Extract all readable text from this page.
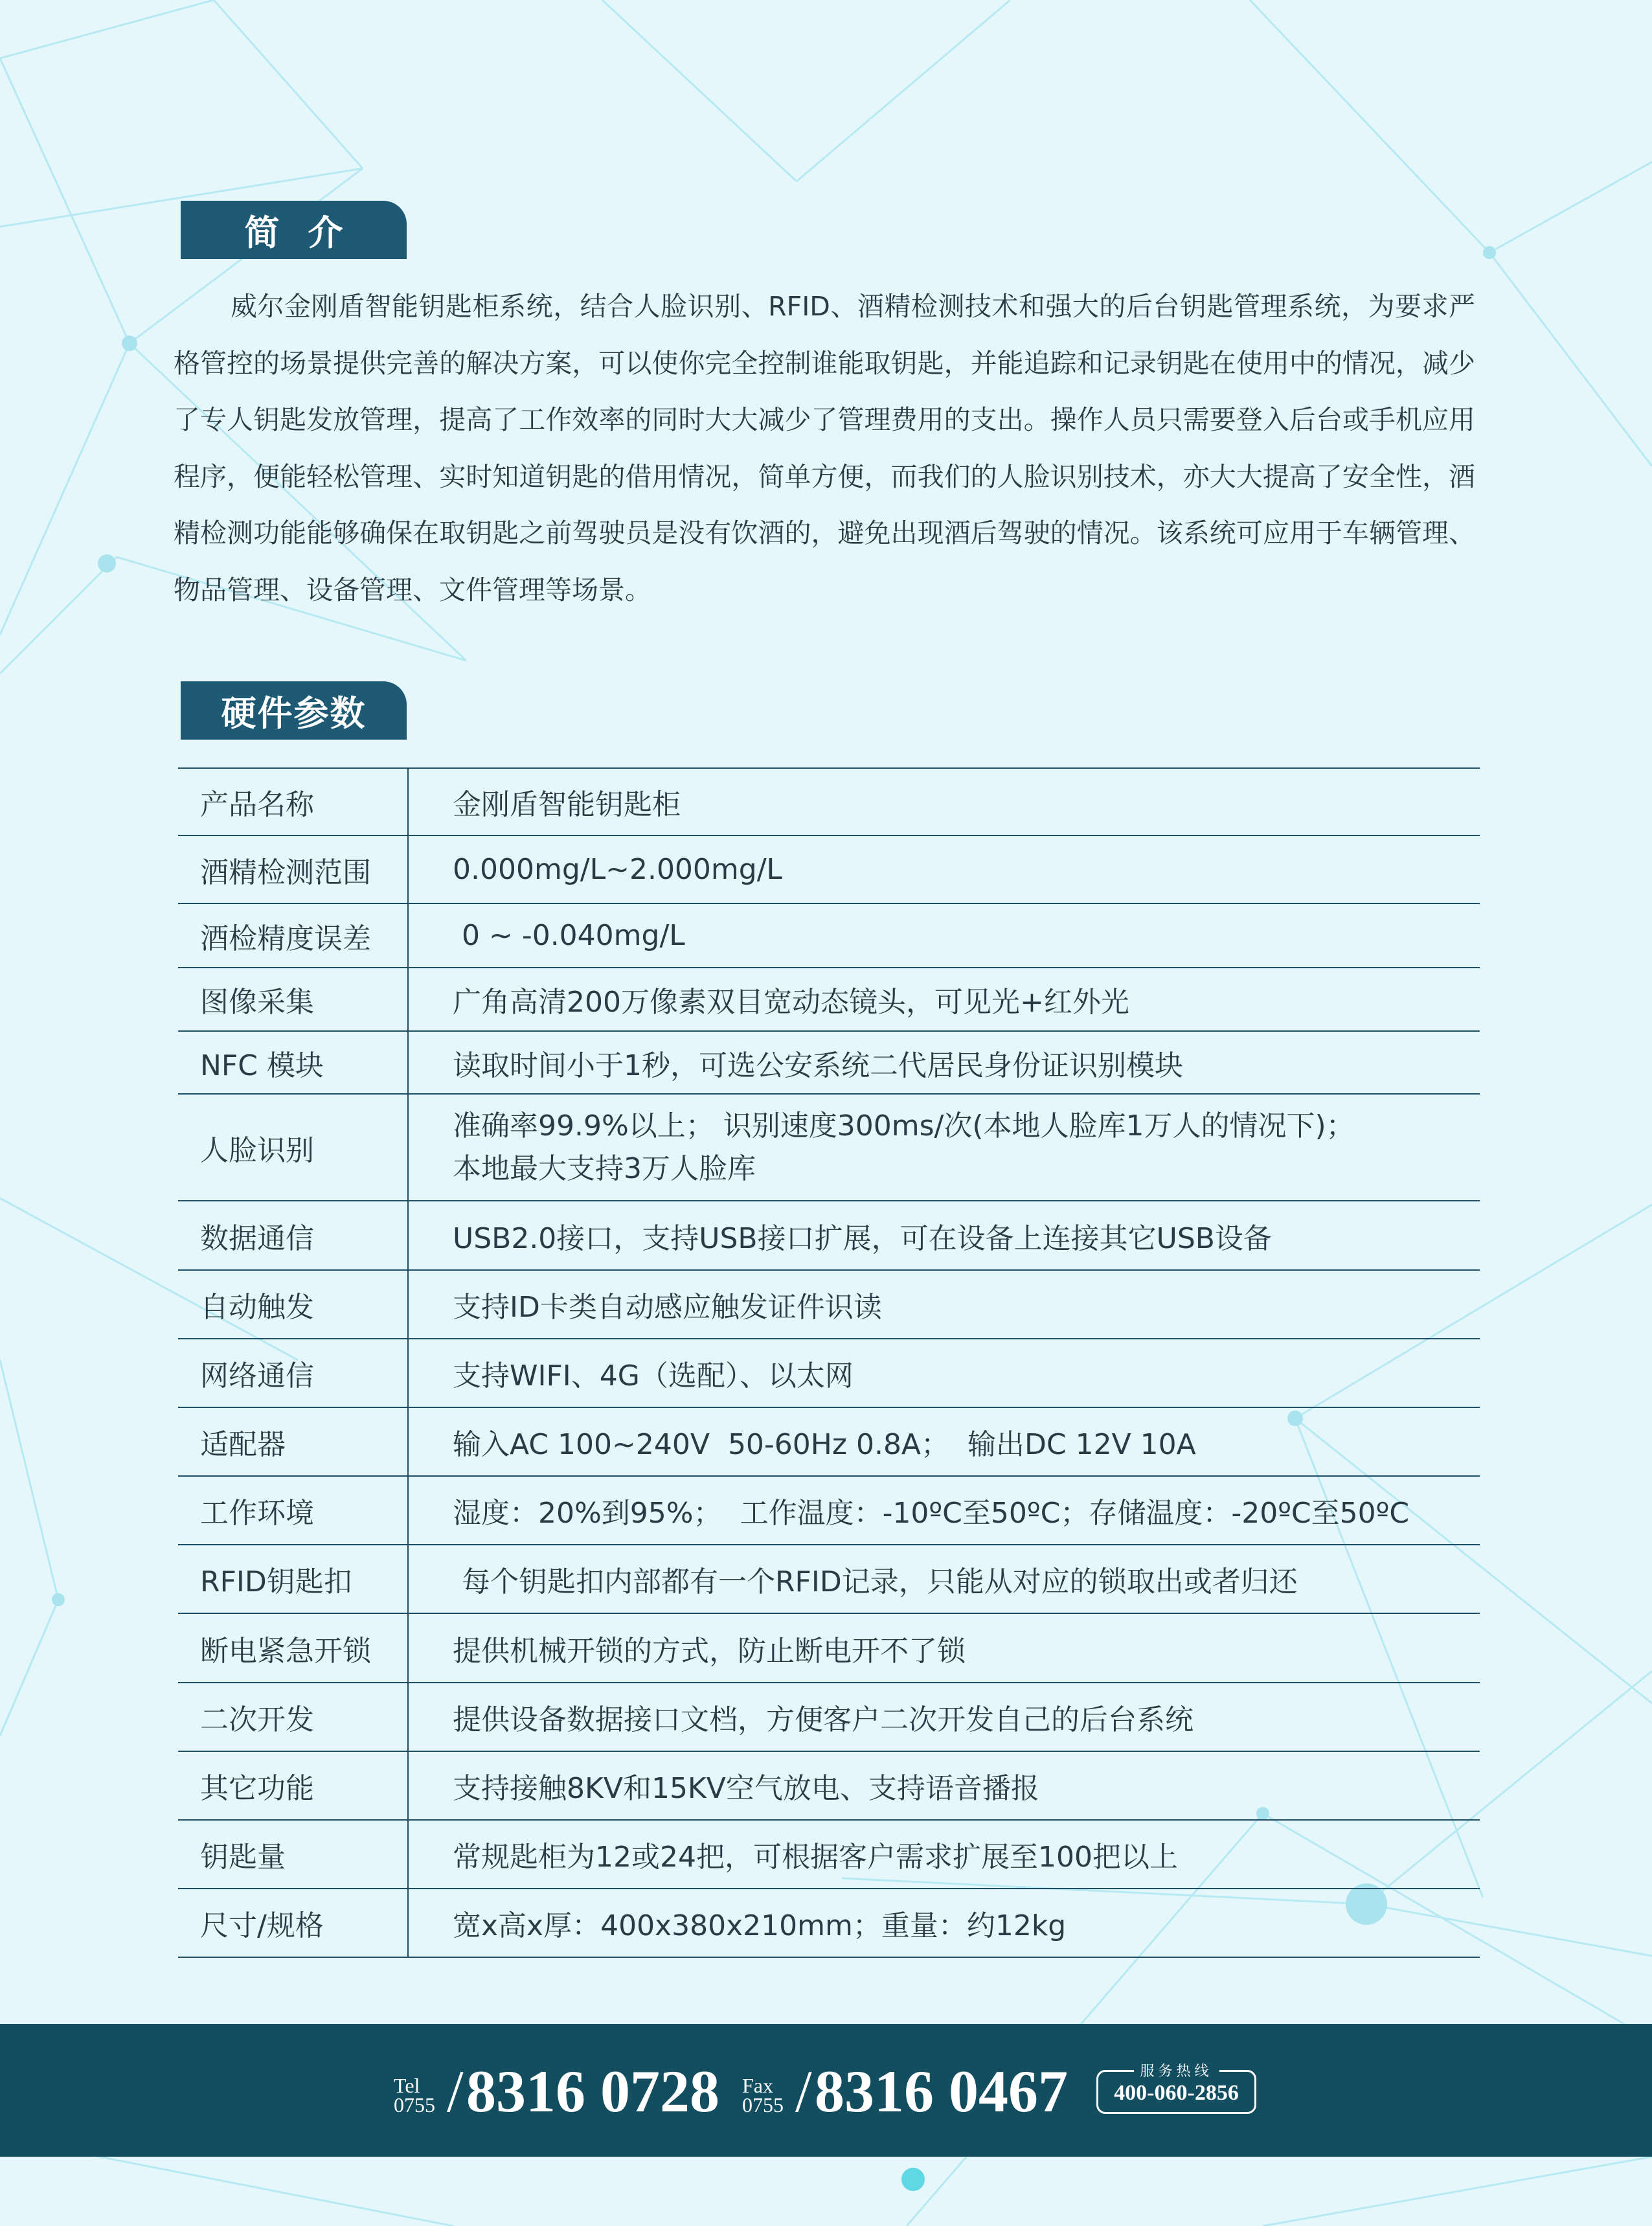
简介

威尔金刚盾智能钥匙柜系统，结合人脸识别、RFID、酒精检测技术和强大的后台钥匙管理系统，为要求严格管控的场景提供完善的解决方案，可以使你完全控制谁能取钥匙，并能追踪和记录钥匙在使用中的情况，减少了专人钥匙发放管理，提高了工作效率的同时大大减少了管理费用的支出。操作人员只需要登入后台或手机应用程序，便能轻松管理、实时知道钥匙的借用情况，简单方便，而我们的人脸识别技术，亦大大提高了安全性，酒精检测功能能够确保在取钥匙之前驾驶员是没有饮酒的，避免出现酒后驾驶的情况。该系统可应用于车辆管理、物品管理、设备管理、文件管理等场景。

硬件参数
产品名称	金刚盾智能钥匙柜
酒精检测范围	0.000mg/L~2.000mg/L
酒检精度误差	0 ~ -0.040mg/L
图像采集	广角高清200万像素双目宽动态镜头，可见光+红外光
NFC 模块	读取时间小于1秒，可选公安系统二代居民身份证识别模块
人脸识别	准确率99.9%以上； 识别速度300ms/次(本地人脸库1万人的情况下)；
本地最大支持3万人脸库

数据通信	USB2.0接口，支持USB接口扩展，可在设备上连接其它USB设备
自动触发	支持ID卡类自动感应触发证件识读
网络通信	支持WIFI、4G（选配）、以太网
适配器	输入AC 100~240V  50-60Hz 0.8A；  输出DC 12V 10A
工作环境	湿度：20%到95%；  工作温度：-10ºC至50ºC；存储温度：-20ºC至50ºC
RFID钥匙扣	每个钥匙扣内部都有一个RFID记录，只能从对应的锁取出或者归还
断电紧急开锁	提供机械开锁的方式，防止断电开不了锁
二次开发	提供设备数据接口文档，方便客户二次开发自己的后台系统
其它功能	支持接触8KV和15KV空气放电、支持语音播报
钥匙量	常规匙柜为12或24把，可根据客户需求扩展至100把以上
尺寸/规格	宽x高x厚：400x380x210mm；重量：约12kg
Tel
0755 / 8316 0728 Fax
0755 / 8316 0467	服务热线
400-060-2856
